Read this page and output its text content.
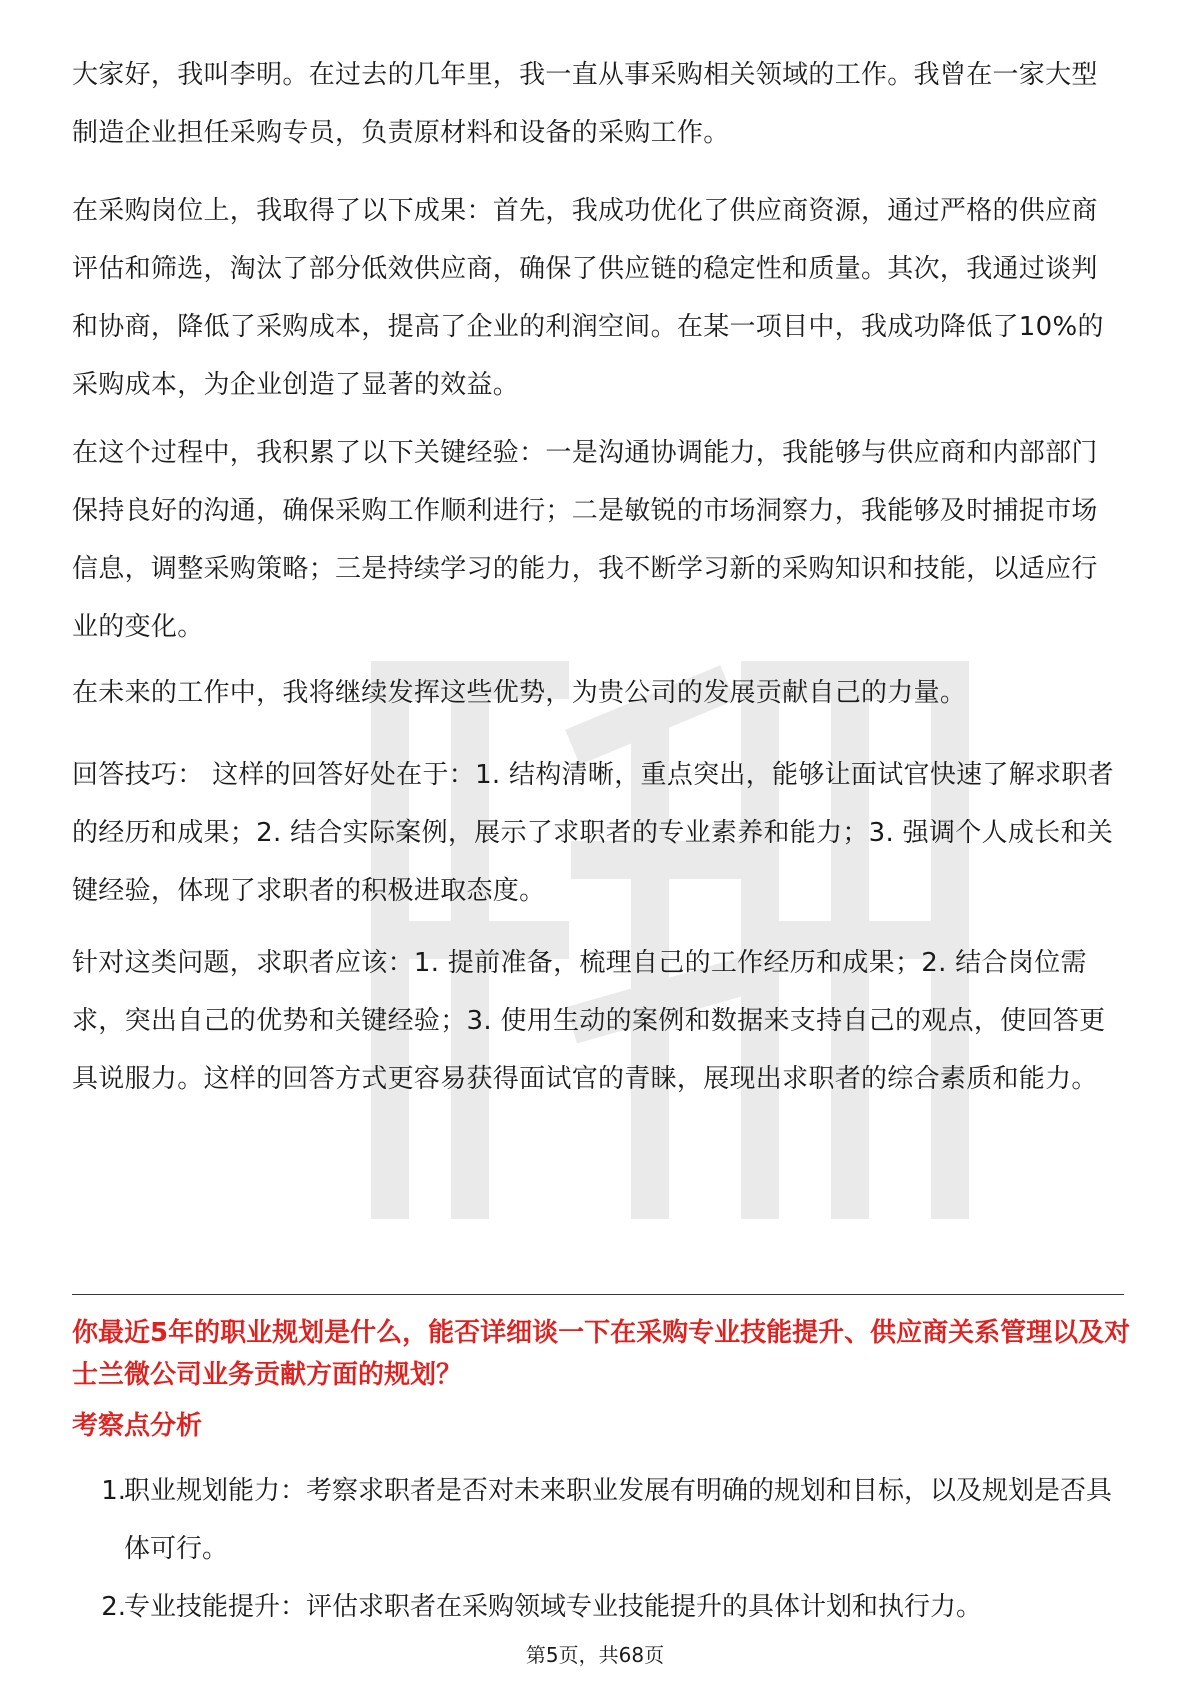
大家好，我叫李明。在过去的几年里，我一直从事采购相关领域的工作。我曾在一家大型制造企业担任采购专员，负责原材料和设备的采购工作。

在采购岗位上，我取得了以下成果：首先，我成功优化了供应商资源，通过严格的供应商评估和筛选，淘汰了部分低效供应商，确保了供应链的稳定性和质量。其次，我通过谈判和协商，降低了采购成本，提高了企业的利润空间。在某一项目中，我成功降低了10%的采购成本，为企业创造了显著的效益。

在这个过程中，我积累了以下关键经验：一是沟通协调能力，我能够与供应商和内部部门保持良好的沟通，确保采购工作顺利进行；二是敏锐的市场洞察力，我能够及时捕捉市场信息，调整采购策略；三是持续学习的能力，我不断学习新的采购知识和技能，以适应行业的变化。

在未来的工作中，我将继续发挥这些优势，为贵公司的发展贡献自己的力量。

回答技巧： 这样的回答好处在于：1. 结构清晰，重点突出，能够让面试官快速了解求职者的经历和成果；2. 结合实际案例，展示了求职者的专业素养和能力；3. 强调个人成长和关键经验，体现了求职者的积极进取态度。

针对这类问题，求职者应该：1. 提前准备，梳理自己的工作经历和成果；2. 结合岗位需求，突出自己的优势和关键经验；3. 使用生动的案例和数据来支持自己的观点，使回答更具说服力。这样的回答方式更容易获得面试官的青睐，展现出求职者的综合素质和能力。

你最近5年的职业规划是什么，能否详细谈一下在采购专业技能提升、供应商关系管理以及对士兰微公司业务贡献方面的规划？

考察点分析

1.
职业规划能力：考察求职者是否对未来职业发展有明确的规划和目标，以及规划是否具体可行。
2.
专业技能提升：评估求职者在采购领域专业技能提升的具体计划和执行力。
第5页，共68页
